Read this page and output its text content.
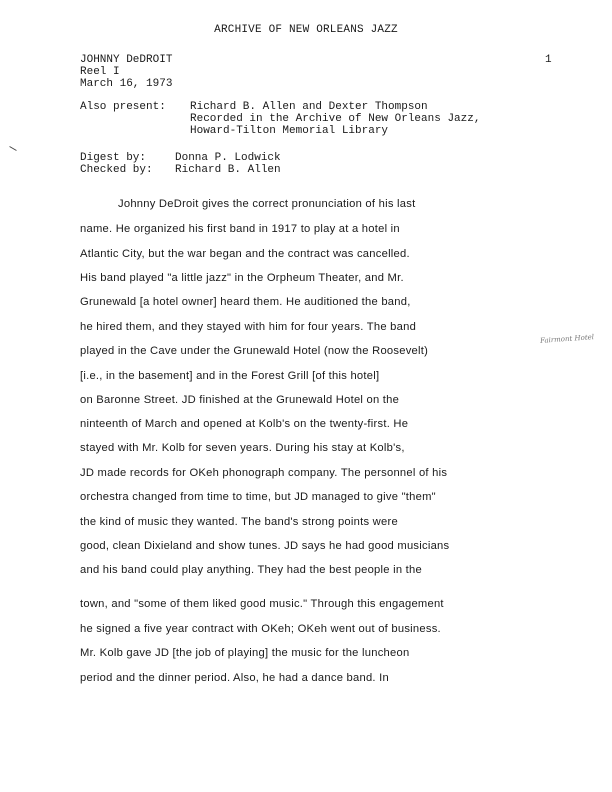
ARCHIVE OF NEW ORLEANS JAZZ
1
JOHNNY DeDROIT
Reel I
March 16, 1973
Also present: Richard B. Allen and Dexter Thompson
Recorded in the Archive of New Orleans Jazz,
Howard-Tilton Memorial Library
Digest by:	Donna P. Lodwick
Checked by: Richard B. Allen
Johnny DeDroit gives the correct pronunciation of his last
name. He organized his first band in 1917 to play at a hotel in
Atlantic City, but the war began and the contract was cancelled.
His band played "a little jazz" in the Orpheum Theater, and Mr.
Grunewald [a hotel owner] heard them. He auditioned the band,
he hired them, and they stayed with him for four years. The band
played in the Cave under the Grunewald Hotel (now the Roosevelt)
[i.e., in the basement] and in the Forest Grill [of this hotel]
on Baronne Street. JD finished at the Grunewald Hotel on the
ninteenth of March and opened at Kolb's on the twenty-first. He
stayed with Mr. Kolb for seven years. During his stay at Kolb's,
JD made records for OKeh phonograph company. The personnel of his
orchestra changed from time to time, but JD managed to give "them"
the kind of music they wanted. The band's strong points were
good, clean Dixieland and show tunes. JD says he had good musicians
and his band could play anything. They had the best people in the
town, and "some of them liked good music." Through this engagement
he signed a five year contract with OKeh; OKeh went out of business.
Mr. Kolb gave JD [the job of playing] the music for the luncheon
period and the dinner period. Also, he had a dance band. In
Fairmont Hotel
